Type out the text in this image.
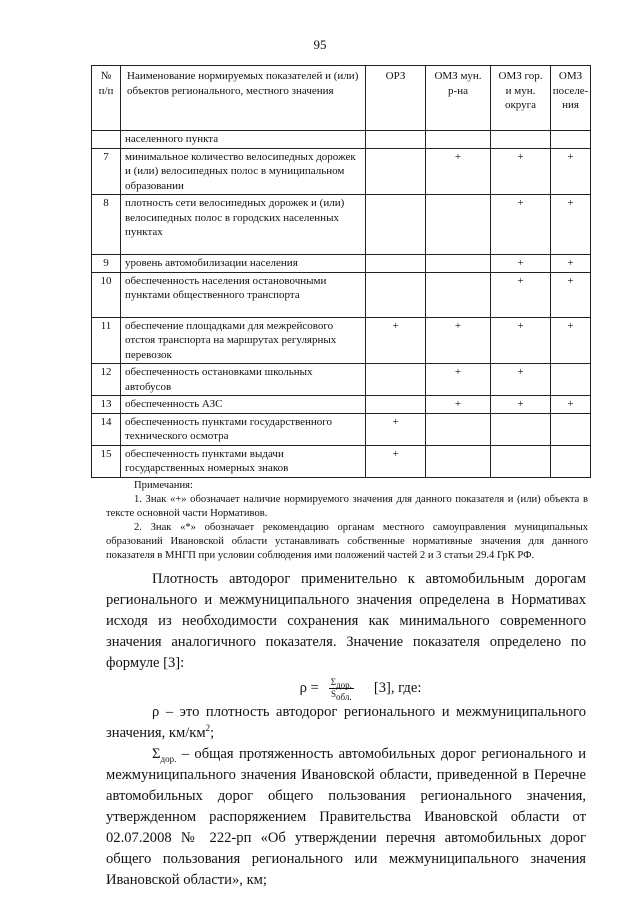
95
№ п/п	Наименование нормируемых показателей и (или) объектов регионального, местного значения	ОРЗ	ОМЗ мун. р-на	ОМЗ гор. и мун. округа	ОМЗ поселе-ния
	населенного пункта				
7	минимальное количество велосипедных дорожек и (или) велосипедных полос в муниципальном образовании		+	+	+
8	плотность сети велосипедных дорожек и (или) велосипедных полос в городских населенных пунктах			+	+
9	уровень автомобилизации населения			+	+
10	обеспеченность населения остановочными пунктами общественного транспорта			+	+
11	обеспечение площадками для межрейсового отстоя транспорта на маршрутах регулярных перевозок	+	+	+	+
12	обеспеченность остановками школьных автобусов		+	+	
13	обеспеченность АЗС		+	+	+
14	обеспеченность пунктами государственного технического осмотра	+			
15	обеспеченность пунктами выдачи государственных номерных знаков	+			

Примечания:

1. Знак «+» обозначает наличие нормируемого значения для данного показателя и (или) объекта в тексте основной части Нормативов.

2. Знак «*» обозначает рекомендацию органам местного самоуправления муниципальных образований Ивановской области устанавливать собственные нормативные значения для данного показателя в МНГП при условии соблюдения ими положений частей 2 и 3 статьи 29.4 ГрК РФ.

Плотность автодорог применительно к автомобильным дорогам регионального и межмуниципального значения определена в Нормативах исходя из необходимости сохранения как минимального современного значения аналогичного показателя. Значение показателя определено по формуле [3]:

$\rho = \frac{\Sigma_{дор.}}{S_{обл.}} [3]$, где:

ρ – это плотность автодорог регионального и межмуниципального значения, $км/км^2$;

$\Sigma_{дор.}$ – общая протяженность автомобильных дорог регионального и межмуниципального значения Ивановской области, приведенной в Перечне автомобильных дорог общего пользования регионального значения, утвержденном распоряжением Правительства Ивановской области от 02.07.2008 № 222-рп «Об утверждении перечня автомобильных дорог общего пользования регионального или межмуниципального значения Ивановской области», км;
